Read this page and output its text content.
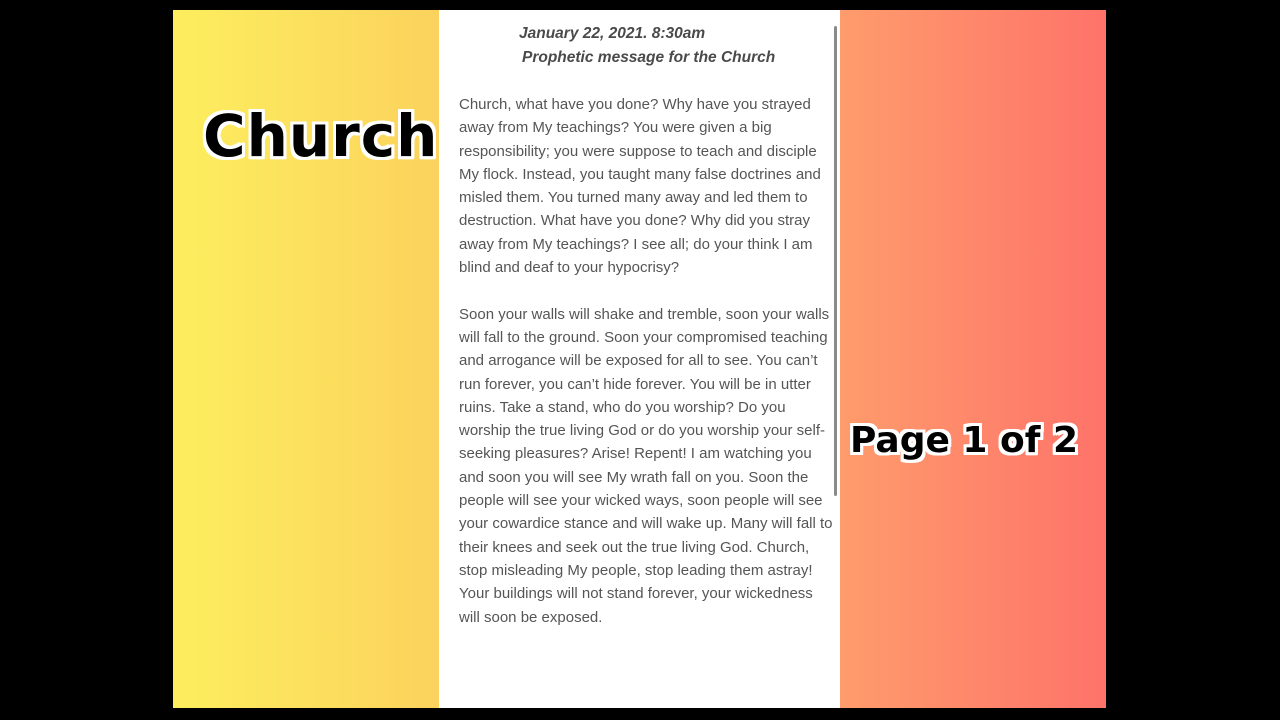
Church
January 22, 2021. 8:30am
Prophetic message for the Church

Church, what have you done? Why have you strayed away from My teachings? You were given a big responsibility; you were suppose to teach and disciple My flock. Instead, you taught many false doctrines and misled them. You turned many away and led them to destruction. What have you done? Why did you stray away from My teachings? I see all; do your think I am blind and deaf to your hypocrisy?

Soon your walls will shake and tremble, soon your walls will fall to the ground. Soon your compromised teaching and arrogance will be exposed for all to see. You can’t run forever, you can’t hide forever. You will be in utter ruins. Take a stand, who do you worship? Do you worship the true living God or do you worship your self-seeking pleasures? Arise! Repent! I am watching you and soon you will see My wrath fall on you. Soon the people will see your wicked ways, soon people will see your cowardice stance and will wake up. Many will fall to their knees and seek out the true living God. Church, stop misleading My people, stop leading them astray! Your buildings will not stand forever, your wickedness will soon be exposed.

Page 1 of 2
